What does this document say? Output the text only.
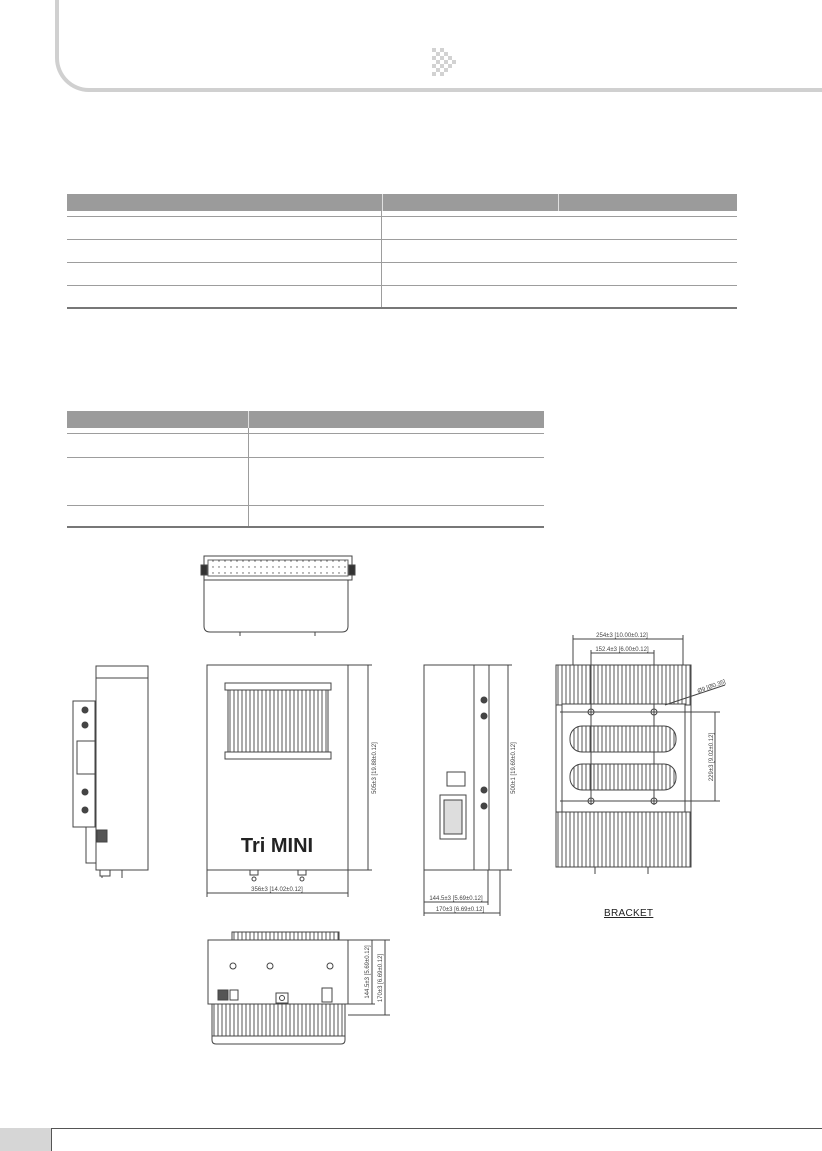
Tri MINI
356±3 [14.02±0.12]
505±3 [19.88±0.12]	500±1 [19.69±0.12]
144.5±3 [5.69±0.12]
170±3 [6.69±0.12]
254±3 [10.00±0.12]
152.4±3 [6.00±0.12]
Ø9 [Ø0.35]
229±3 [9.02±0.12]
144.5±3 [5.69±0.12] 170±3 [6.69±0.12]
BRACKET
